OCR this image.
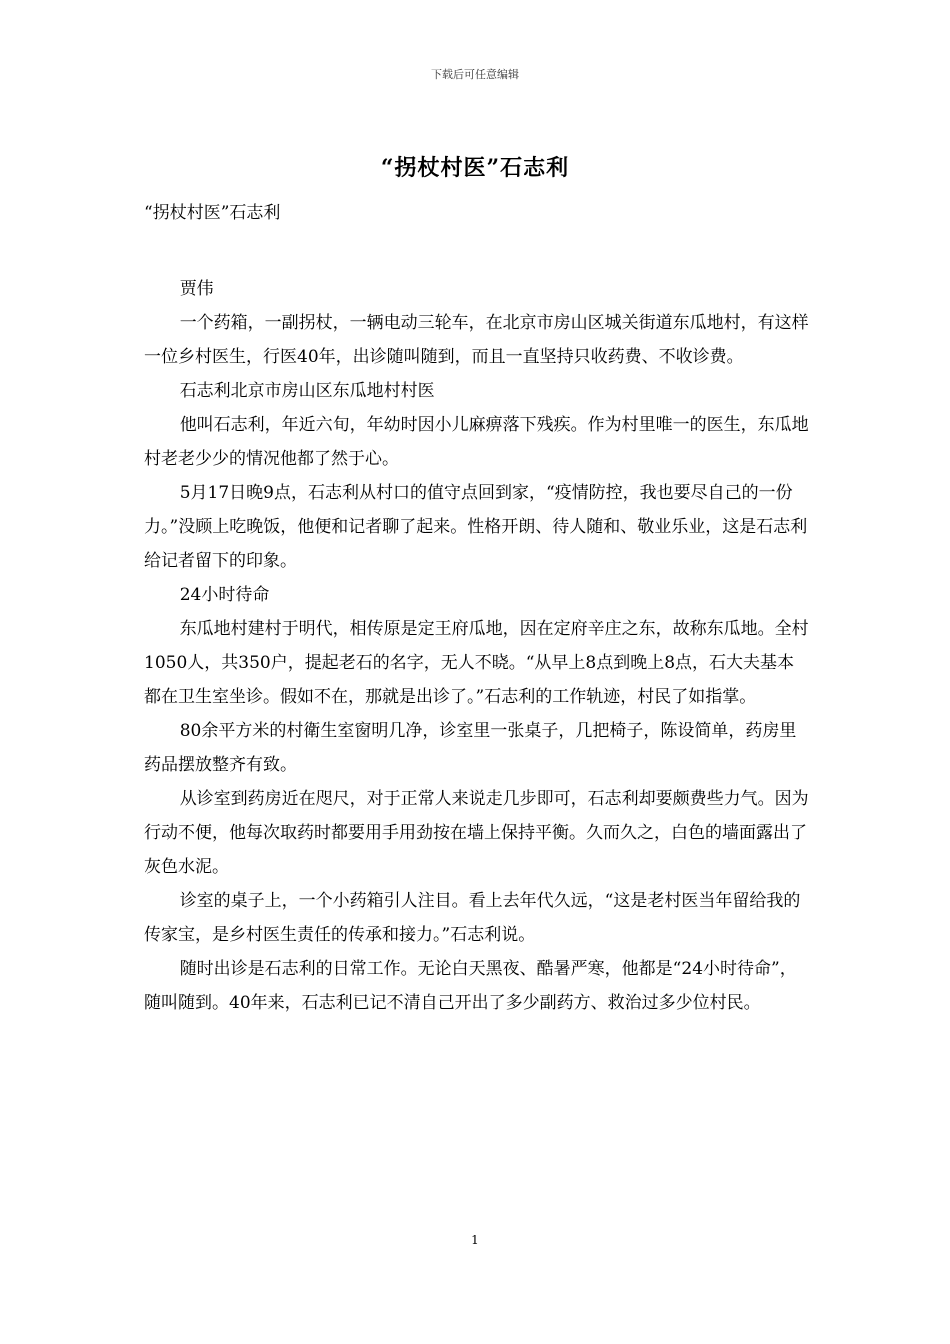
下载后可任意编辑
“拐杖村医”石志利

“拐杖村医”石志利

贾伟

一个药箱，一副拐杖，一辆电动三轮车，在北京市房山区城关街道东瓜地村，有这样一位乡村医生，行医40年，出诊随叫随到，而且一直坚持只收药费、不收诊费。

石志利北京市房山区东瓜地村村医

他叫石志利，年近六旬，年幼时因小儿麻痹落下残疾。作为村里唯一的医生，东瓜地村老老少少的情况他都了然于心。

5月17日晚9点，石志利从村口的值守点回到家，“疫情防控，我也要尽自己的一份力。”没顾上吃晚饭，他便和记者聊了起来。性格开朗、待人随和、敬业乐业，这是石志利给记者留下的印象。

24小时待命

东瓜地村建村于明代，相传原是定王府瓜地，因在定府辛庄之东，故称东瓜地。全村1050人，共350户，提起老石的名字，无人不晓。“从早上8点到晚上8点，石大夫基本都在卫生室坐诊。假如不在，那就是出诊了。”石志利的工作轨迹，村民了如指掌。

80余平方米的村衛生室窗明几净，诊室里一张桌子，几把椅子，陈设简单，药房里药品摆放整齐有致。

从诊室到药房近在咫尺，对于正常人来说走几步即可，石志利却要颇费些力气。因为行动不便，他每次取药时都要用手用劲按在墙上保持平衡。久而久之，白色的墙面露出了灰色水泥。

诊室的桌子上，一个小药箱引人注目。看上去年代久远，“这是老村医当年留给我的传家宝，是乡村医生责任的传承和接力。”石志利说。

随时出诊是石志利的日常工作。无论白天黑夜、酷暑严寒，他都是“24小时待命”，随叫随到。40年来，石志利已记不清自己开出了多少副药方、救治过多少位村民。

1
